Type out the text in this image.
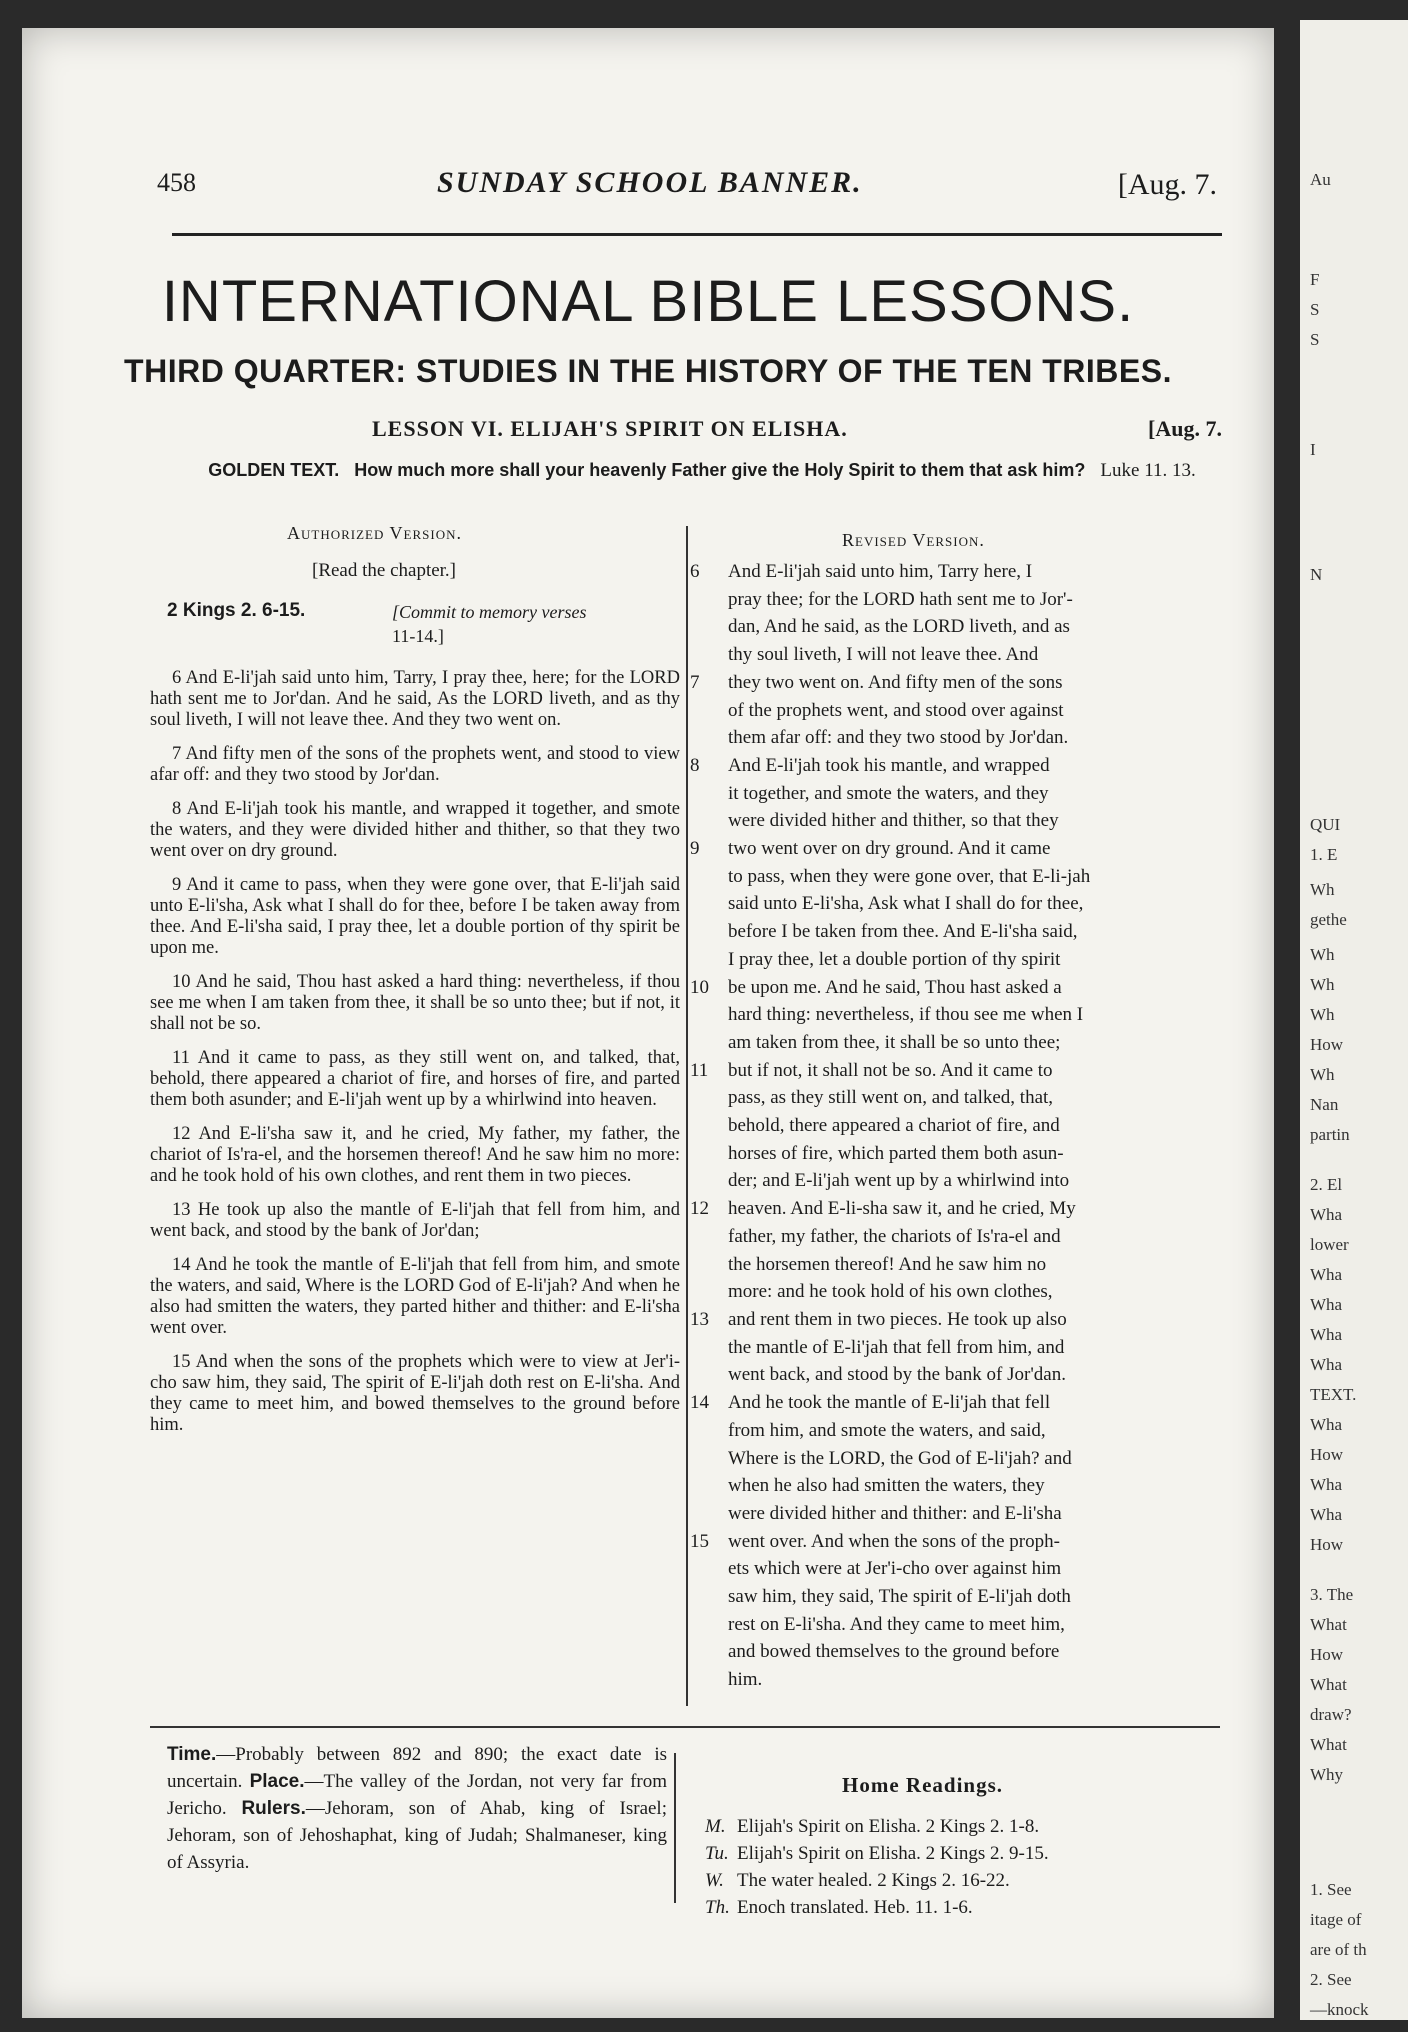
458	SUNDAY SCHOOL BANNER.	[Aug. 7.
INTERNATIONAL BIBLE LESSONS.
THIRD QUARTER: STUDIES IN THE HISTORY OF THE TEN TRIBES.
LESSON VI. ELIJAH'S SPIRIT ON ELISHA.	[Aug. 7.
GOLDEN TEXT. How much more shall your heavenly Father give the Holy Spirit to them that ask him? Luke 11. 13.
Authorized Version.	Revised Version.
[Read the chapter.]
2 Kings 2. 6-15.	[Commit to memory verses
11-14.]

6 And E-li'jah said unto him, Tarry, I pray thee, here; for the LORD hath sent me to Jor'dan. And he said, As the LORD liveth, and as thy soul liveth, I will not leave thee. And they two went on.

7 And fifty men of the sons of the prophets went, and stood to view afar off: and they two stood by Jor'dan.

8 And E-li'jah took his mantle, and wrapped it together, and smote the waters, and they were divided hither and thither, so that they two went over on dry ground.

9 And it came to pass, when they were gone over, that E-li'jah said unto E-li'sha, Ask what I shall do for thee, before I be taken away from thee. And E-li'sha said, I pray thee, let a double portion of thy spirit be upon me.

10 And he said, Thou hast asked a hard thing: nevertheless, if thou see me when I am taken from thee, it shall be so unto thee; but if not, it shall not be so.

11 And it came to pass, as they still went on, and talked, that, behold, there appeared a chariot of fire, and horses of fire, and parted them both asunder; and E-li'jah went up by a whirlwind into heaven.

12 And E-li'sha saw it, and he cried, My father, my father, the chariot of Is'ra-el, and the horsemen thereof! And he saw him no more: and he took hold of his own clothes, and rent them in two pieces.

13 He took up also the mantle of E-li'jah that fell from him, and went back, and stood by the bank of Jor'dan;

14 And he took the mantle of E-li'jah that fell from him, and smote the waters, and said, Where is the LORD God of E-li'jah? And when he also had smitten the waters, they parted hither and thither: and E-li'sha went over.

15 And when the sons of the prophets which were to view at Jer'i-cho saw him, they said, The spirit of E-li'jah doth rest on E-li'sha. And they came to meet him, and bowed themselves to the ground before him.

6 And E-li'jah said unto him, Tarry here, I
pray thee; for the LORD hath sent me to Jor'-
dan, And he said, as the LORD liveth, and as
thy soul liveth, I will not leave thee. And
7 they two went on. And fifty men of the sons
of the prophets went, and stood over against
them afar off: and they two stood by Jor'dan.
8 And E-li'jah took his mantle, and wrapped
it together, and smote the waters, and they
were divided hither and thither, so that they
9 two went over on dry ground. And it came
to pass, when they were gone over, that E-li-jah
said unto E-li'sha, Ask what I shall do for thee,
before I be taken from thee. And E-li'sha said,
I pray thee, let a double portion of thy spirit
10 be upon me. And he said, Thou hast asked a
hard thing: nevertheless, if thou see me when I
am taken from thee, it shall be so unto thee;
11 but if not, it shall not be so. And it came to
pass, as they still went on, and talked, that,
behold, there appeared a chariot of fire, and
horses of fire, which parted them both asun-
der; and E-li'jah went up by a whirlwind into
12 heaven. And E-li-sha saw it, and he cried, My
father, my father, the chariots of Is'ra-el and
the horsemen thereof! And he saw him no
more: and he took hold of his own clothes,
13 and rent them in two pieces. He took up also
the mantle of E-li'jah that fell from him, and
went back, and stood by the bank of Jor'dan.
14 And he took the mantle of E-li'jah that fell
from him, and smote the waters, and said,
Where is the LORD, the God of E-li'jah? and
when he also had smitten the waters, they
were divided hither and thither: and E-li'sha
15 went over. And when the sons of the proph-
ets which were at Jer'i-cho over against him
saw him, they said, The spirit of E-li'jah doth
rest on E-li'sha. And they came to meet him,
and bowed themselves to the ground before
him.
Time.—Probably between 892 and 890; the exact date is uncertain. Place.—The valley of the Jordan, not very far from Jericho. Rulers.—Jehoram, son of Ahab, king of Israel; Jehoram, son of Jehoshaphat, king of Judah; Shalmaneser, king of Assyria.
Home Readings.
M. Elijah's Spirit on Elisha. 2 Kings 2. 1-8.
Tu. Elijah's Spirit on Elisha. 2 Kings 2. 9-15.
W. The water healed. 2 Kings 2. 16-22.
Th. Enoch translated. Heb. 11. 1-6.
Au
F
S
S
I
N
QUI
1. E
Wh
gethe
Wh
Wh
Wh
How
Wh
Nan
partin
2. El
Wha
lower
Wha
Wha
Wha
Wha
TEXT.
Wha
How
Wha
Wha
How
3. The
What
How
What
draw?
What
Why
1. See
itage of
are of th
2. See
—knock
